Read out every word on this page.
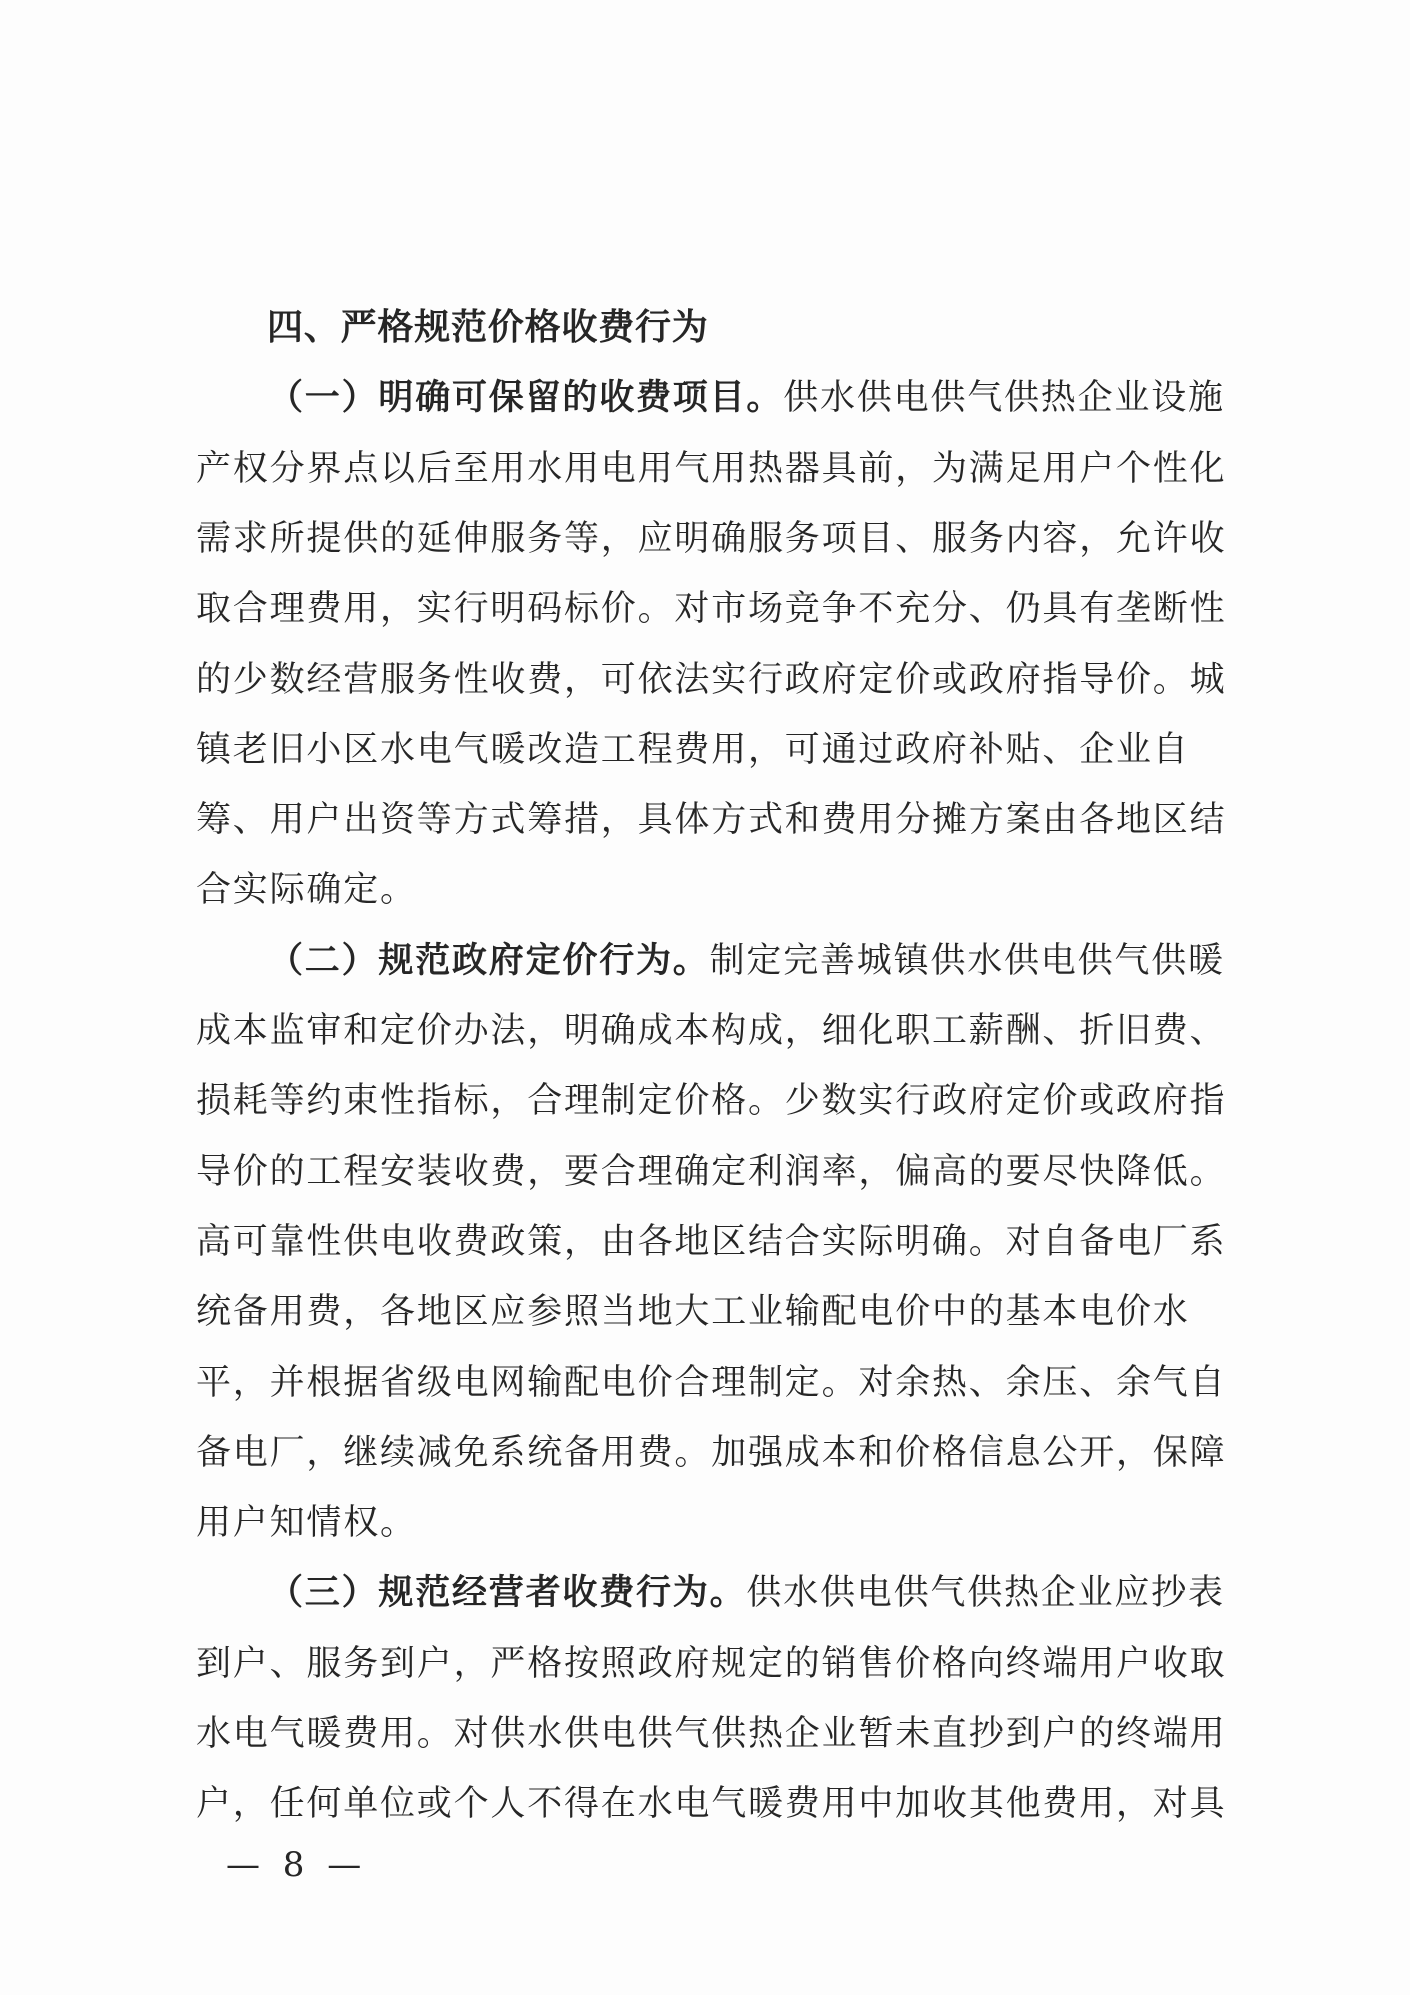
四、严格规范价格收费行为
— 8 —
（一）明确可保留的收费项目。供水供电供气供热企业设施
产权分界点以后至用水用电用气用热器具前，为满足用户个性化
需求所提供的延伸服务等，应明确服务项目、服务内容，允许收
取合理费用，实行明码标价。对市场竞争不充分、仍具有垄断性
的少数经营服务性收费，可依法实行政府定价或政府指导价。城
镇老旧小区水电气暖改造工程费用，可通过政府补贴、企业自
筹、用户出资等方式筹措，具体方式和费用分摊方案由各地区结
合实际确定。
（二）规范政府定价行为。制定完善城镇供水供电供气供暖
成本监审和定价办法，明确成本构成，细化职工薪酬、折旧费、
损耗等约束性指标，合理制定价格。少数实行政府定价或政府指
导价的工程安装收费，要合理确定利润率，偏高的要尽快降低。
高可靠性供电收费政策，由各地区结合实际明确。对自备电厂系
统备用费，各地区应参照当地大工业输配电价中的基本电价水
平，并根据省级电网输配电价合理制定。对余热、余压、余气自
备电厂，继续减免系统备用费。加强成本和价格信息公开，保障
用户知情权。
（三）规范经营者收费行为。供水供电供气供热企业应抄表
到户、服务到户，严格按照政府规定的销售价格向终端用户收取
水电气暖费用。对供水供电供气供热企业暂未直抄到户的终端用
户，任何单位或个人不得在水电气暖费用中加收其他费用，对具
